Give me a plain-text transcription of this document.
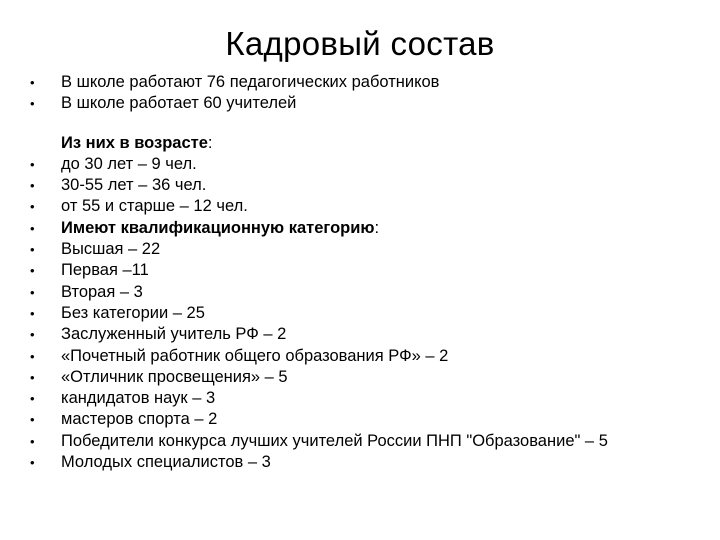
Кадровый состав
•	В школе работают 76 педагогических работников
•	В школе работает 60 учителей
Из них в возрасте:
•	до 30 лет – 9 чел.
•	30-55 лет – 36 чел.
•	от 55 и старше – 12 чел.
•	Имеют квалификационную категорию:
•	Высшая – 22
•	Первая –11
•	Вторая – 3
•	Без категории – 25
•	Заслуженный учитель РФ – 2
•	«Почетный работник общего образования РФ» – 2
•	«Отличник просвещения» – 5
•	кандидатов наук – 3
•	мастеров спорта – 2
•	Победители конкурса лучших учителей России ПНП "Образование" – 5
•	Молодых специалистов – 3
